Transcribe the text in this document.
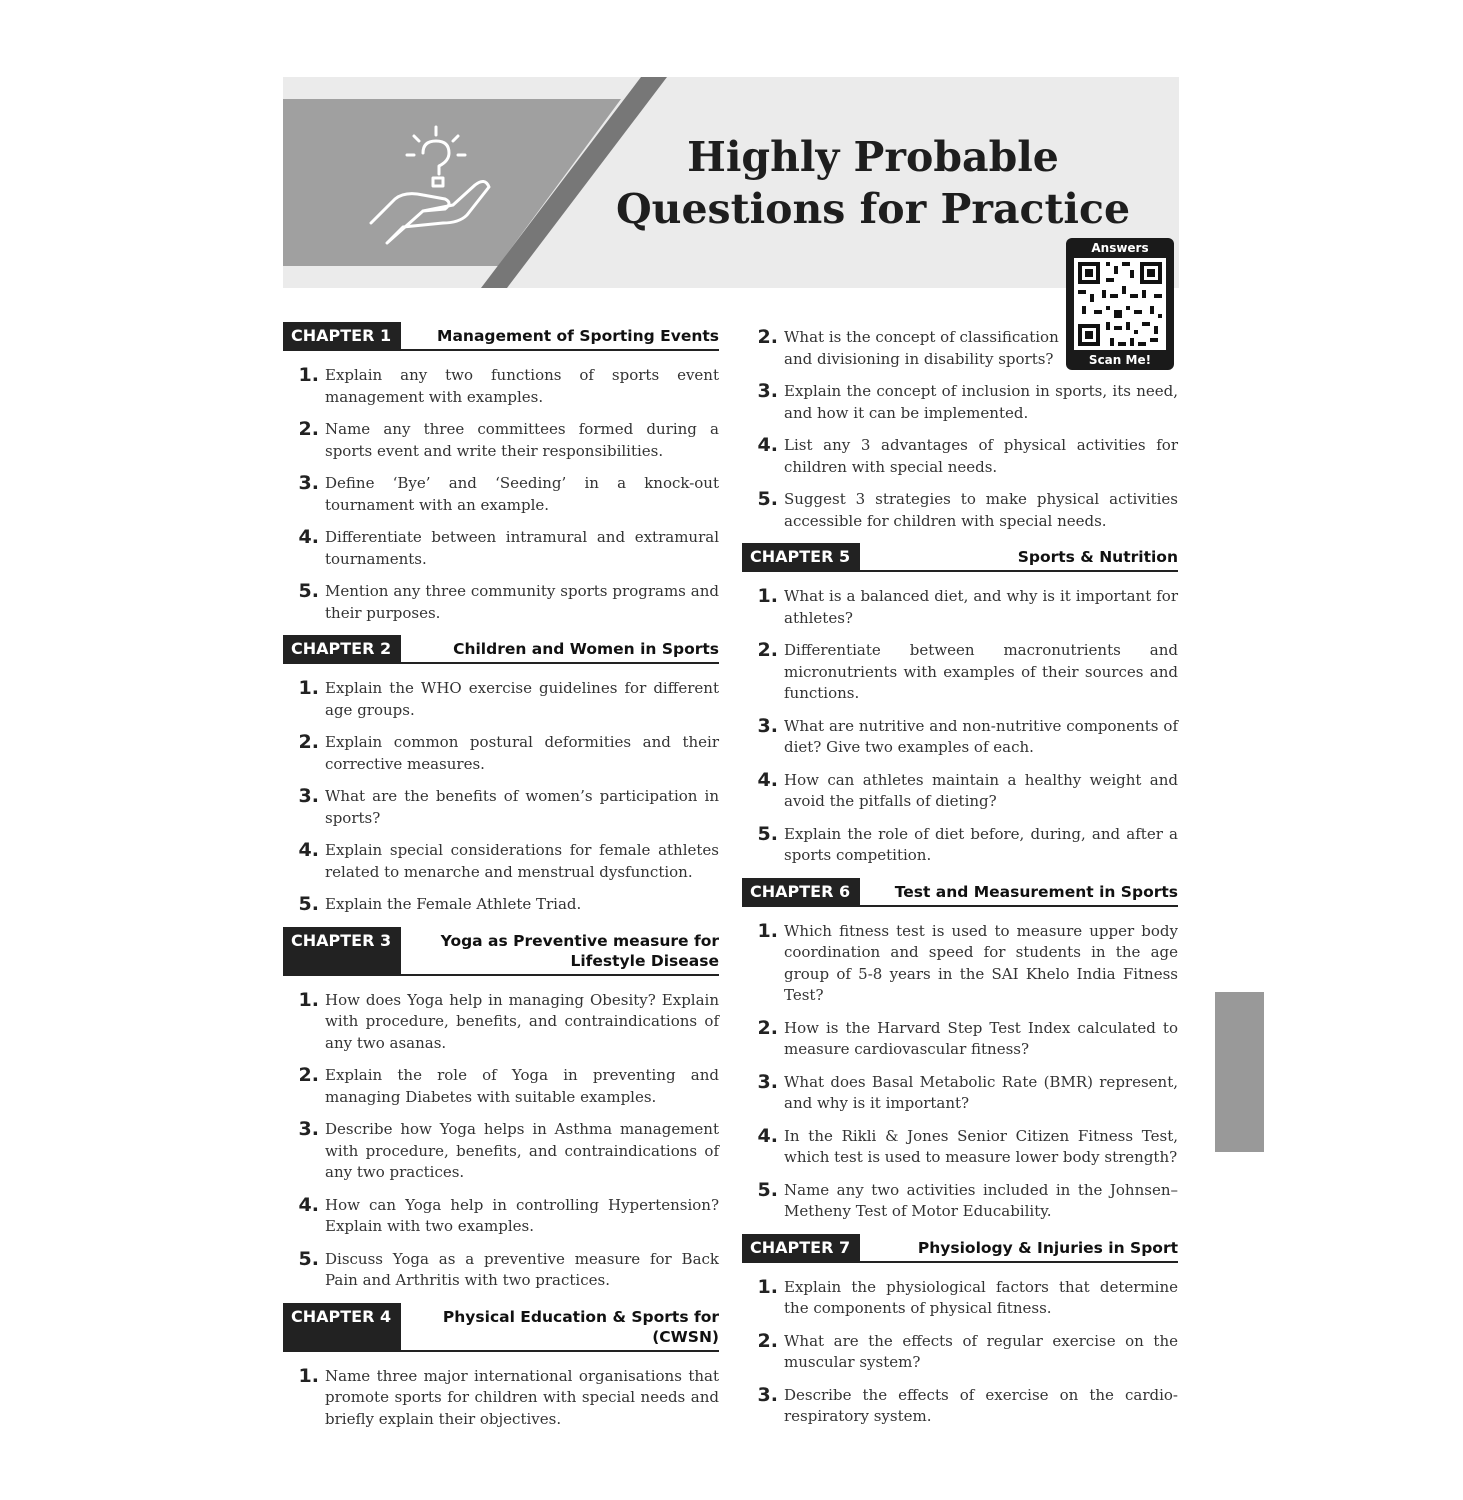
Highly Probable
Questions for Practice
Answers
Scan Me!
CHAPTER 1	Management of Sporting Events
1. Explain any two functions of sports event management with examples.
2. Name any three committees formed during a sports event and write their responsibilities.
3. Define ‘Bye’ and ‘Seeding’ in a knock-out tournament with an example.
4. Differentiate between intramural and extramural tournaments.
5. Mention any three community sports programs and their purposes.
CHAPTER 2	Children and Women in Sports
1. Explain the WHO exercise guidelines for different age groups.
2. Explain common postural deformities and their corrective measures.
3. What are the benefits of women’s participation in sports?
4. Explain special considerations for female athletes related to menarche and menstrual dysfunction.
5. Explain the Female Athlete Triad.
CHAPTER 3	Yoga as Preventive measure for Lifestyle Disease
1. How does Yoga help in managing Obesity? Explain with procedure, benefits, and contraindications of any two asanas.
2. Explain the role of Yoga in preventing and managing Diabetes with suitable examples.
3. Describe how Yoga helps in Asthma management with procedure, benefits, and contraindications of any two practices.
4. How can Yoga help in controlling Hypertension? Explain with two examples.
5. Discuss Yoga as a preventive measure for Back Pain and Arthritis with two practices.
CHAPTER 4	Physical Education & Sports for (CWSN)
1. Name three major international organisations that promote sports for children with special needs and briefly explain their objectives.
2. What is the concept of classification and divisioning in disability sports?
3. Explain the concept of inclusion in sports, its need, and how it can be implemented.
4. List any 3 advantages of physical activities for children with special needs.
5. Suggest 3 strategies to make physical activities accessible for children with special needs.
CHAPTER 5	Sports & Nutrition
1. What is a balanced diet, and why is it important for athletes?
2. Differentiate between macronutrients and micronutrients with examples of their sources and functions.
3. What are nutritive and non-nutritive components of diet? Give two examples of each.
4. How can athletes maintain a healthy weight and avoid the pitfalls of dieting?
5. Explain the role of diet before, during, and after a sports competition.
CHAPTER 6	Test and Measurement in Sports
1. Which fitness test is used to measure upper body coordination and speed for students in the age group of 5-8 years in the SAI Khelo India Fitness Test?
2. How is the Harvard Step Test Index calculated to measure cardiovascular fitness?
3. What does Basal Metabolic Rate (BMR) represent, and why is it important?
4. In the Rikli & Jones Senior Citizen Fitness Test, which test is used to measure lower body strength?
5. Name any two activities included in the Johnsen–Metheny Test of Motor Educability.
CHAPTER 7	Physiology & Injuries in Sport
1. Explain the physiological factors that determine the components of physical fitness.
2. What are the effects of regular exercise on the muscular system?
3. Describe the effects of exercise on the cardio-respiratory system.
